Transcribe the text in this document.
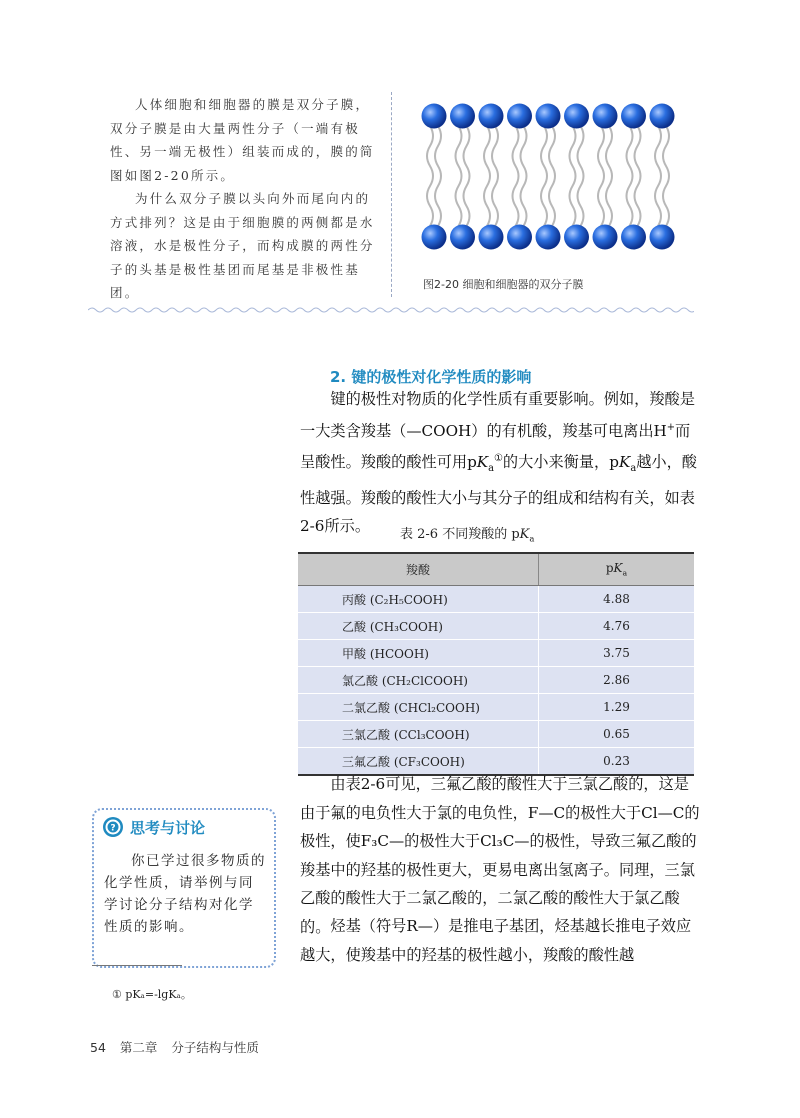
人体细胞和细胞器的膜是双分子膜，双分子膜是由大量两性分子（一端有极性、另一端无极性）组装而成的，膜的简图如图2-20所示。

为什么双分子膜以头向外而尾向内的方式排列？这是由于细胞膜的两侧都是水溶液，水是极性分子，而构成膜的两性分子的头基是极性基团而尾基是非极性基团。

图2-20 细胞和细胞器的双分子膜
2. 键的极性对化学性质的影响

键的极性对物质的化学性质有重要影响。例如，羧酸是一大类含羧基（—COOH）的有机酸，羧基可电离出H+而呈酸性。羧酸的酸性可用$pK_a^①$的大小来衡量，$pK_a$越小，酸性越强。羧酸的酸性大小与其分子的组成和结构有关，如表2-6所示。	表 2-6 不同羧酸的 $pK_a$
羧酸	$pK_a$
丙酸 (C₂H₅COOH)	4.88
乙酸 (CH₃COOH)	4.76
甲酸 (HCOOH)	3.75
氯乙酸 (CH₂ClCOOH)	2.86
二氯乙酸 (CHCl₂COOH)	1.29
三氯乙酸 (CCl₃COOH)	0.65
三氟乙酸 (CF₃COOH)	0.23

由表2-6可见，三氟乙酸的酸性大于三氯乙酸的，这是由于氟的电负性大于氯的电负性，F—C的极性大于Cl—C的极性，使F₃C—的极性大于Cl₃C—的极性，导致三氟乙酸的羧基中的羟基的极性更大，更易电离出氢离子。同理，三氯乙酸的酸性大于二氯乙酸的，二氯乙酸的酸性大于氯乙酸的。 烃基（符号R—）是推电子基团，烃基越长推电子效应越大，使羧基中的羟基的极性越小，羧酸的酸性越

? 思考与讨论
你已学过很多物质的化学性质，请举例与同学讨论分子结构对化学性质的影响。
① pKₐ=-lgKₐ。
54 第二章 分子结构与性质
